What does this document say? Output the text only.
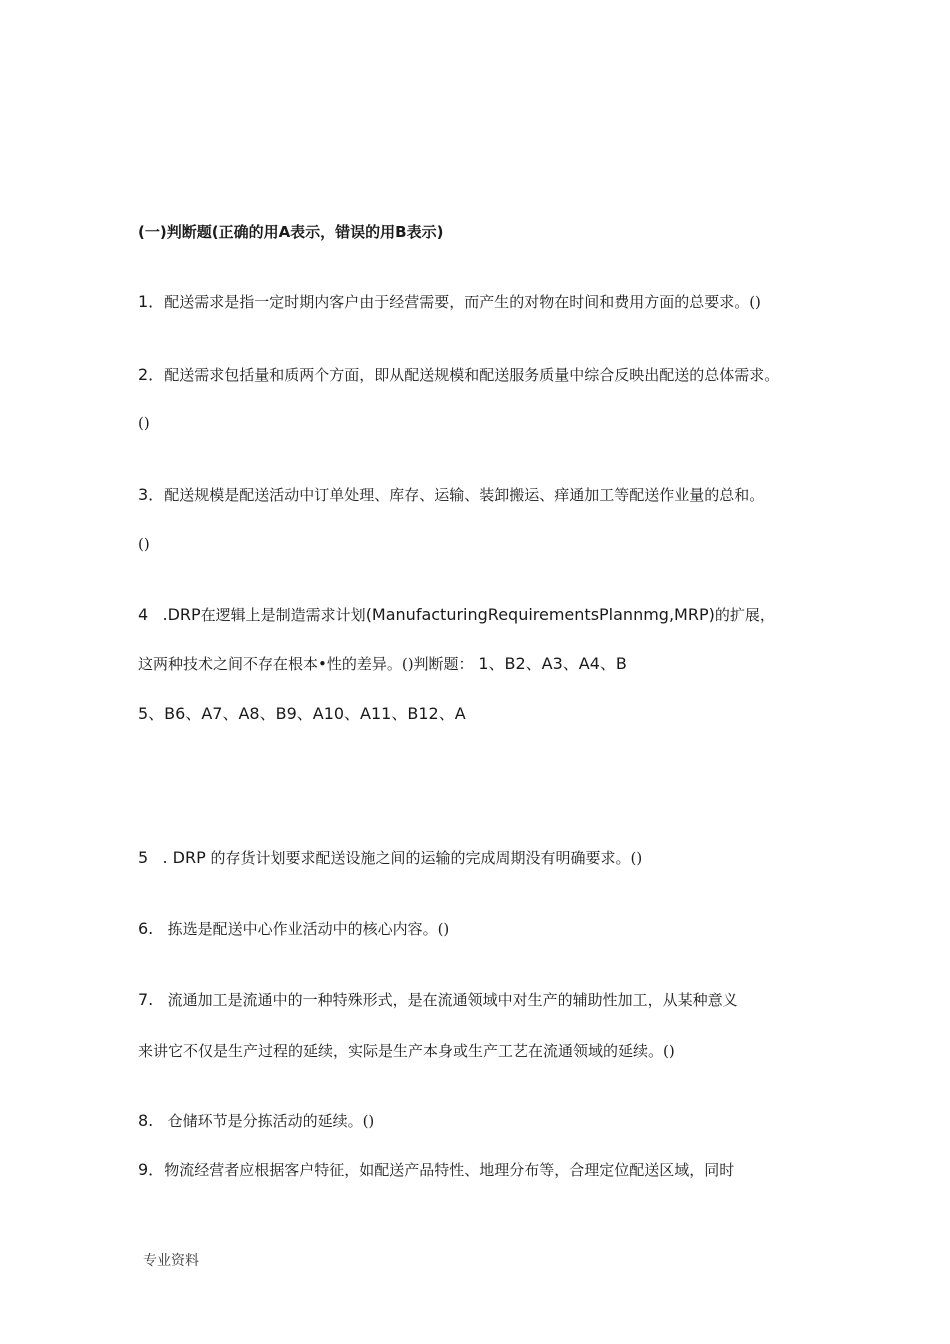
(一)判断题(正确的用A表示，错误的用B表示)
1．配送需求是指一定时期内客户由于经营需要，而产生的对物在时间和费用方面的总要求。()
2．配送需求包括量和质两个方面，即从配送规模和配送服务质量中综合反映出配送的总体需求。
()
3．配送规模是配送活动中订单处理、库存、运输、装卸搬运、痒通加工等配送作业量的总和。
()
4 .DRP在逻辑上是制造需求计划(ManufacturingRequirementsPlannmg,MRP)的扩展，
这两种技术之间不存在根本•性的差异。()判断题： 1、B2、A3、A4、B
5、B6、A7、A8、B9、A10、A11、B12、A
5 . DRP 的存货计划要求配送设施之间的运输的完成周期没有明确要求。()
6. 拣选是配送中心作业活动中的核心内容。()
7. 流通加工是流通中的一种特殊形式，是在流通领域中对生产的辅助性加工，从某种意义
来讲它不仅是生产过程的延续，实际是生产本身或生产工艺在流通领域的延续。()
8. 仓储环节是分拣活动的延续。()
9．物流经营者应根据客户特征，如配送产品特性、地理分布等，合理定位配送区域，同时
专业资料
